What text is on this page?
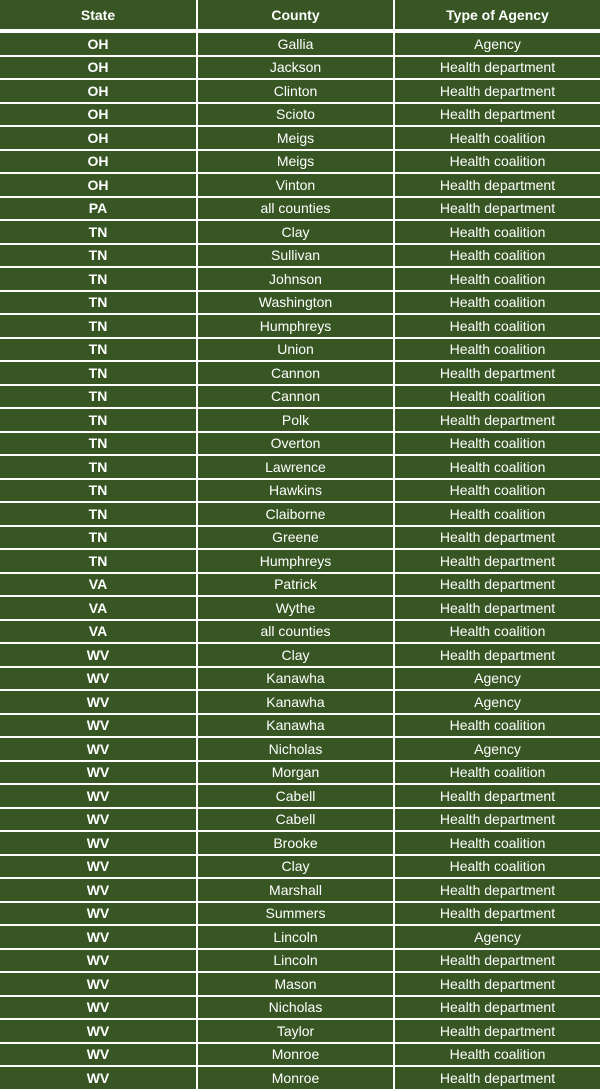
State	County	Type of Agency
OH	Gallia	Agency
OH	Jackson	Health department
OH	Clinton	Health department
OH	Scioto	Health department
OH	Meigs	Health coalition
OH	Meigs	Health coalition
OH	Vinton	Health department
PA	all counties	Health department
TN	Clay	Health coalition
TN	Sullivan	Health coalition
TN	Johnson	Health coalition
TN	Washington	Health coalition
TN	Humphreys	Health coalition
TN	Union	Health coalition
TN	Cannon	Health department
TN	Cannon	Health coalition
TN	Polk	Health department
TN	Overton	Health coalition
TN	Lawrence	Health coalition
TN	Hawkins	Health coalition
TN	Claiborne	Health coalition
TN	Greene	Health department
TN	Humphreys	Health department
VA	Patrick	Health department
VA	Wythe	Health department
VA	all counties	Health coalition
WV	Clay	Health department
WV	Kanawha	Agency
WV	Kanawha	Agency
WV	Kanawha	Health coalition
WV	Nicholas	Agency
WV	Morgan	Health coalition
WV	Cabell	Health department
WV	Cabell	Health department
WV	Brooke	Health coalition
WV	Clay	Health coalition
WV	Marshall	Health department
WV	Summers	Health department
WV	Lincoln	Agency
WV	Lincoln	Health department
WV	Mason	Health department
WV	Nicholas	Health department
WV	Taylor	Health department
WV	Monroe	Health coalition
WV	Monroe	Health department
